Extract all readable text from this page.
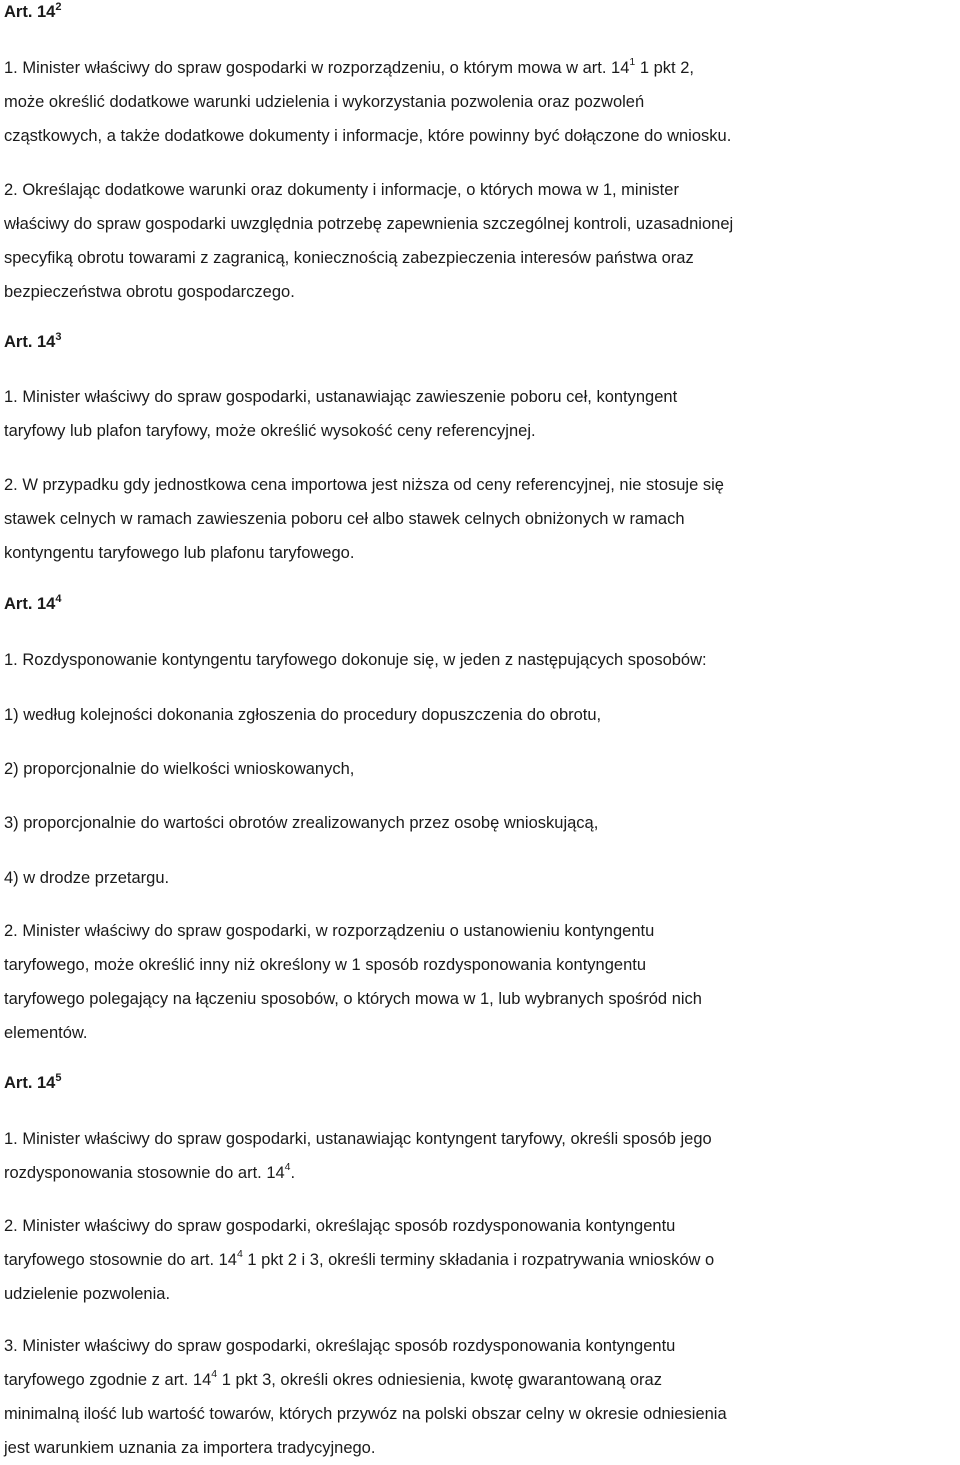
Art. $14^2$
1. Minister właściwy do spraw gospodarki w rozporządzeniu, o którym mowa w art. $14^1$ 1 pkt 2,
może określić dodatkowe warunki udzielenia i wykorzystania pozwolenia oraz pozwoleń
cząstkowych, a także dodatkowe dokumenty i informacje, które powinny być dołączone do wniosku.
2. Określając dodatkowe warunki oraz dokumenty i informacje, o których mowa w 1, minister
właściwy do spraw gospodarki uwzględnia potrzebę zapewnienia szczególnej kontroli, uzasadnionej
specyfiką obrotu towarami z zagranicą, koniecznością zabezpieczenia interesów państwa oraz
bezpieczeństwa obrotu gospodarczego.
Art. $14^3$
1. Minister właściwy do spraw gospodarki, ustanawiając zawieszenie poboru ceł, kontyngent
taryfowy lub plafon taryfowy, może określić wysokość ceny referencyjnej.
2. W przypadku gdy jednostkowa cena importowa jest niższa od ceny referencyjnej, nie stosuje się
stawek celnych w ramach zawieszenia poboru ceł albo stawek celnych obniżonych w ramach
kontyngentu taryfowego lub plafonu taryfowego.
Art. $14^4$
1. Rozdysponowanie kontyngentu taryfowego dokonuje się, w jeden z następujących sposobów:
1) według kolejności dokonania zgłoszenia do procedury dopuszczenia do obrotu,
2) proporcjonalnie do wielkości wnioskowanych,
3) proporcjonalnie do wartości obrotów zrealizowanych przez osobę wnioskującą,
4) w drodze przetargu.
2. Minister właściwy do spraw gospodarki, w rozporządzeniu o ustanowieniu kontyngentu
taryfowego, może określić inny niż określony w 1 sposób rozdysponowania kontyngentu
taryfowego polegający na łączeniu sposobów, o których mowa w 1, lub wybranych spośród nich
elementów.
Art. $14^5$
1. Minister właściwy do spraw gospodarki, ustanawiając kontyngent taryfowy, określi sposób jego
rozdysponowania stosownie do art. $14^4$.
2. Minister właściwy do spraw gospodarki, określając sposób rozdysponowania kontyngentu
taryfowego stosownie do art. $14^4$ 1 pkt 2 i 3, określi terminy składania i rozpatrywania wniosków o
udzielenie pozwolenia.
3. Minister właściwy do spraw gospodarki, określając sposób rozdysponowania kontyngentu
taryfowego zgodnie z art. $14^4$ 1 pkt 3, określi okres odniesienia, kwotę gwarantowaną oraz
minimalną ilość lub wartość towarów, których przywóz na polski obszar celny w okresie odniesienia
jest warunkiem uznania za importera tradycyjnego.
